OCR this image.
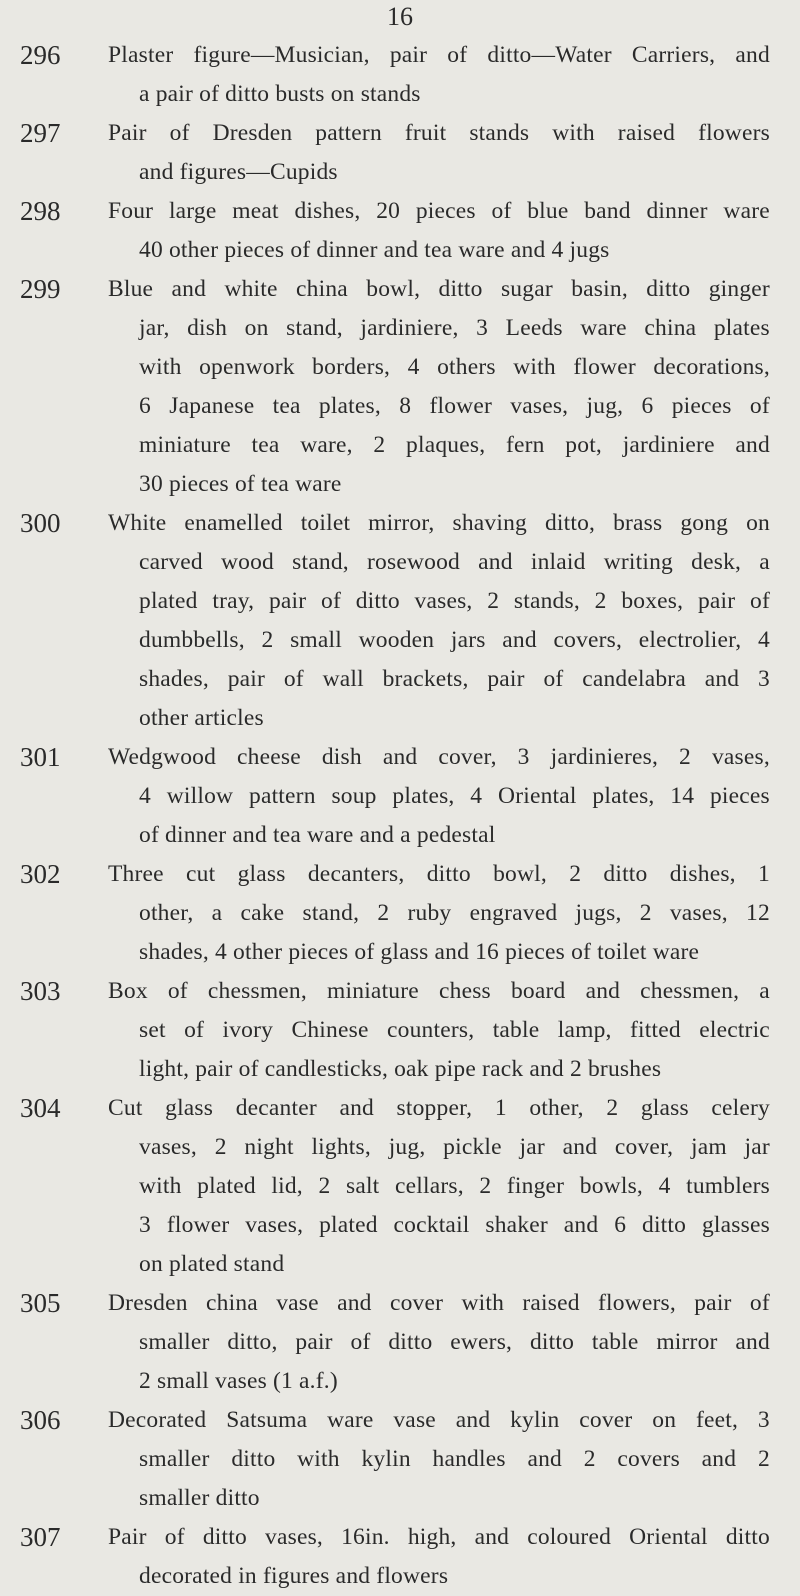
16
296	Plaster figure—Musician, pair of ditto—Water Carriers, and
a pair of ditto busts on stands
297	Pair of Dresden pattern fruit stands with raised flowers
and figures—Cupids
298	Four large meat dishes, 20 pieces of blue band dinner ware
40 other pieces of dinner and tea ware and 4 jugs
299	Blue and white china bowl, ditto sugar basin, ditto ginger
jar, dish on stand, jardiniere, 3 Leeds ware china plates
with openwork borders, 4 others with flower decorations,
6 Japanese tea plates, 8 flower vases, jug, 6 pieces of
miniature tea ware, 2 plaques, fern pot, jardiniere and
30 pieces of tea ware
300	White enamelled toilet mirror, shaving ditto, brass gong on
carved wood stand, rosewood and inlaid writing desk, a
plated tray, pair of ditto vases, 2 stands, 2 boxes, pair of
dumbbells, 2 small wooden jars and covers, electrolier, 4
shades, pair of wall brackets, pair of candelabra and 3
other articles
301	Wedgwood cheese dish and cover, 3 jardinieres, 2 vases,
4 willow pattern soup plates, 4 Oriental plates, 14 pieces
of dinner and tea ware and a pedestal
302	Three cut glass decanters, ditto bowl, 2 ditto dishes, 1
other, a cake stand, 2 ruby engraved jugs, 2 vases, 12
shades, 4 other pieces of glass and 16 pieces of toilet ware
303	Box of chessmen, miniature chess board and chessmen, a
set of ivory Chinese counters, table lamp, fitted electric
light, pair of candlesticks, oak pipe rack and 2 brushes
304	Cut glass decanter and stopper, 1 other, 2 glass celery
vases, 2 night lights, jug, pickle jar and cover, jam jar
with plated lid, 2 salt cellars, 2 finger bowls, 4 tumblers
3 flower vases, plated cocktail shaker and 6 ditto glasses
on plated stand
305	Dresden china vase and cover with raised flowers, pair of
smaller ditto, pair of ditto ewers, ditto table mirror and
2 small vases (1 a.f.)
306	Decorated Satsuma ware vase and kylin cover on feet, 3
smaller ditto with kylin handles and 2 covers and 2
smaller ditto
307	Pair of ditto vases, 16in. high, and coloured Oriental ditto
decorated in figures and flowers
